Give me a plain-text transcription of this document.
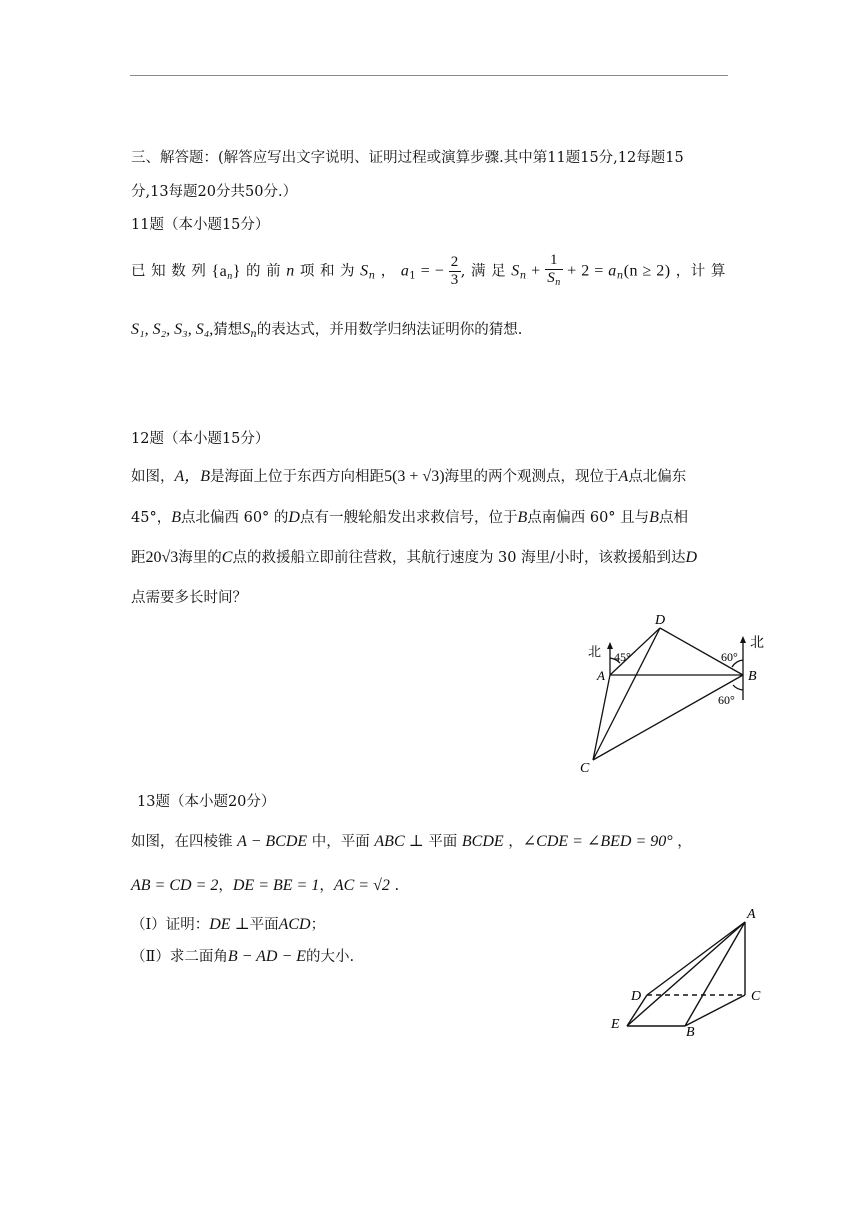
三、解答题：(解答应写出文字说明、证明过程或演算步骤.其中第11题15分,12每题15
分,13每题20分共50分.）
11题（本小题15分）
已 知 数 列 $\{a_n\}$ 的 前 n 项 和 为 $S_n$ ， $a_1$ = − $\frac{2}{3}$ , 满 足 $S_n + \frac{1}{S_n} + 2 = a_n(n \ge 2)$ ，计 算
S₁, S₂, S₃, S₄,猜想$S_n$的表达式，并用数学归纳法证明你的猜想.
12题（本小题15分）
如图，A，B是海面上位于东西方向相距5(3 + √3)海里的两个观测点，现位于A点北偏东
45°，B点北偏西 60° 的D点有一艘轮船发出求救信号，位于B点南偏西 60° 且与B点相
距20√3海里的C点的救援船立即前往营救，其航行速度为 30 海里/小时，该救援船到达D
点需要多长时间？
D
A	B
C
北
北
45°	60°
60°
13题（本小题20分）
如图，在四棱锥 A − BCDE 中，平面 ABC ⊥ 平面 BCDE ，∠CDE = ∠BED = 90° ，
AB = CD = 2，DE = BE = 1，AC = √2 .
（Ⅰ）证明：DE ⊥平面ACD；
（Ⅱ）求二面角B − AD − E的大小.
A
C
D
E
B
